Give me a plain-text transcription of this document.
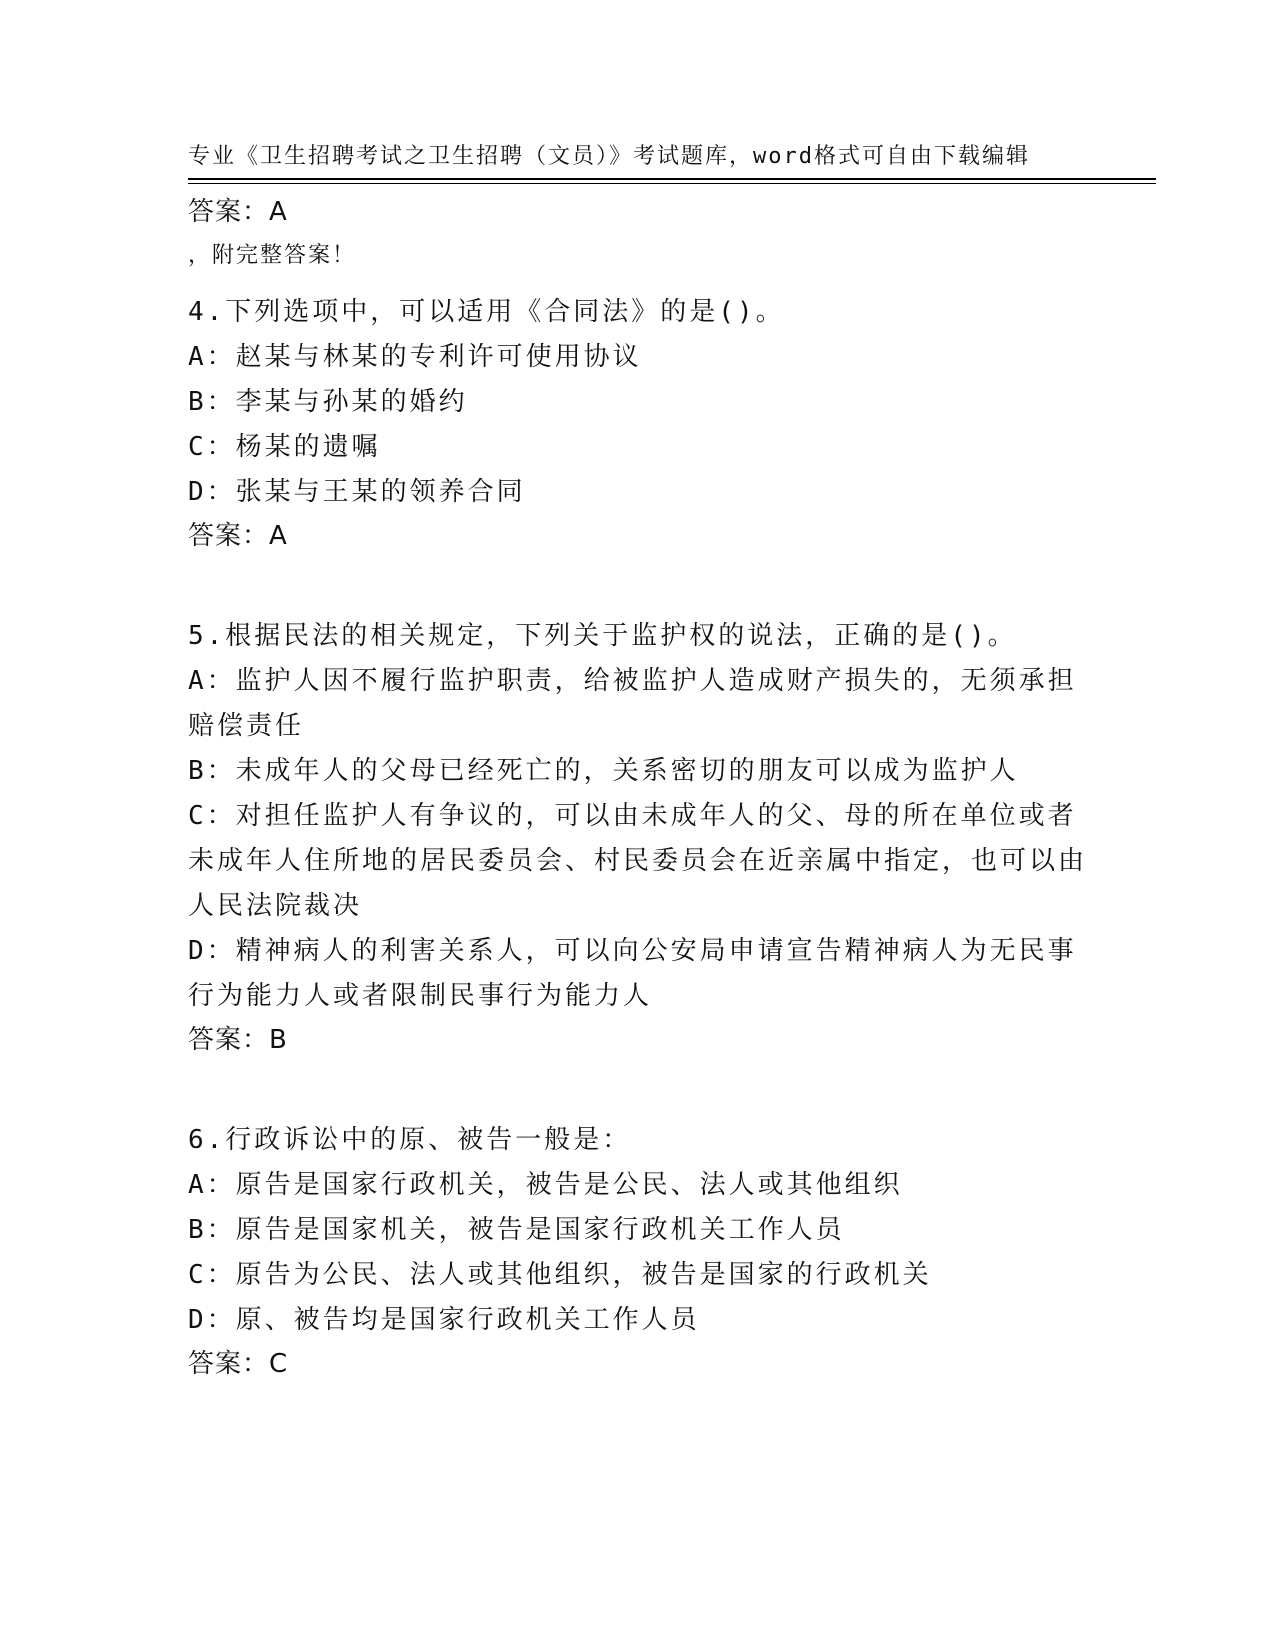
专业《卫生招聘考试之卫生招聘（文员）》考试题库，word格式可自由下载编辑

，附完整答案！

答案：A

4.下列选项中，可以适用《合同法》的是()。

A：赵某与林某的专利许可使用协议

B：李某与孙某的婚约

C：杨某的遗嘱

D：张某与王某的领养合同

答案：A

5.根据民法的相关规定，下列关于监护权的说法，正确的是()。

A：监护人因不履行监护职责，给被监护人造成财产损失的，无须承担赔偿责任

B：未成年人的父母已经死亡的，关系密切的朋友可以成为监护人

C：对担任监护人有争议的，可以由未成年人的父、母的所在单位或者未成年人住所地的居民委员会、村民委员会在近亲属中指定，也可以由人民法院裁决

D：精神病人的利害关系人，可以向公安局申请宣告精神病人为无民事行为能力人或者限制民事行为能力人

答案：B

6.行政诉讼中的原、被告一般是：

A：原告是国家行政机关，被告是公民、法人或其他组织

B：原告是国家机关，被告是国家行政机关工作人员

C：原告为公民、法人或其他组织，被告是国家的行政机关

D：原、被告均是国家行政机关工作人员

答案：C
